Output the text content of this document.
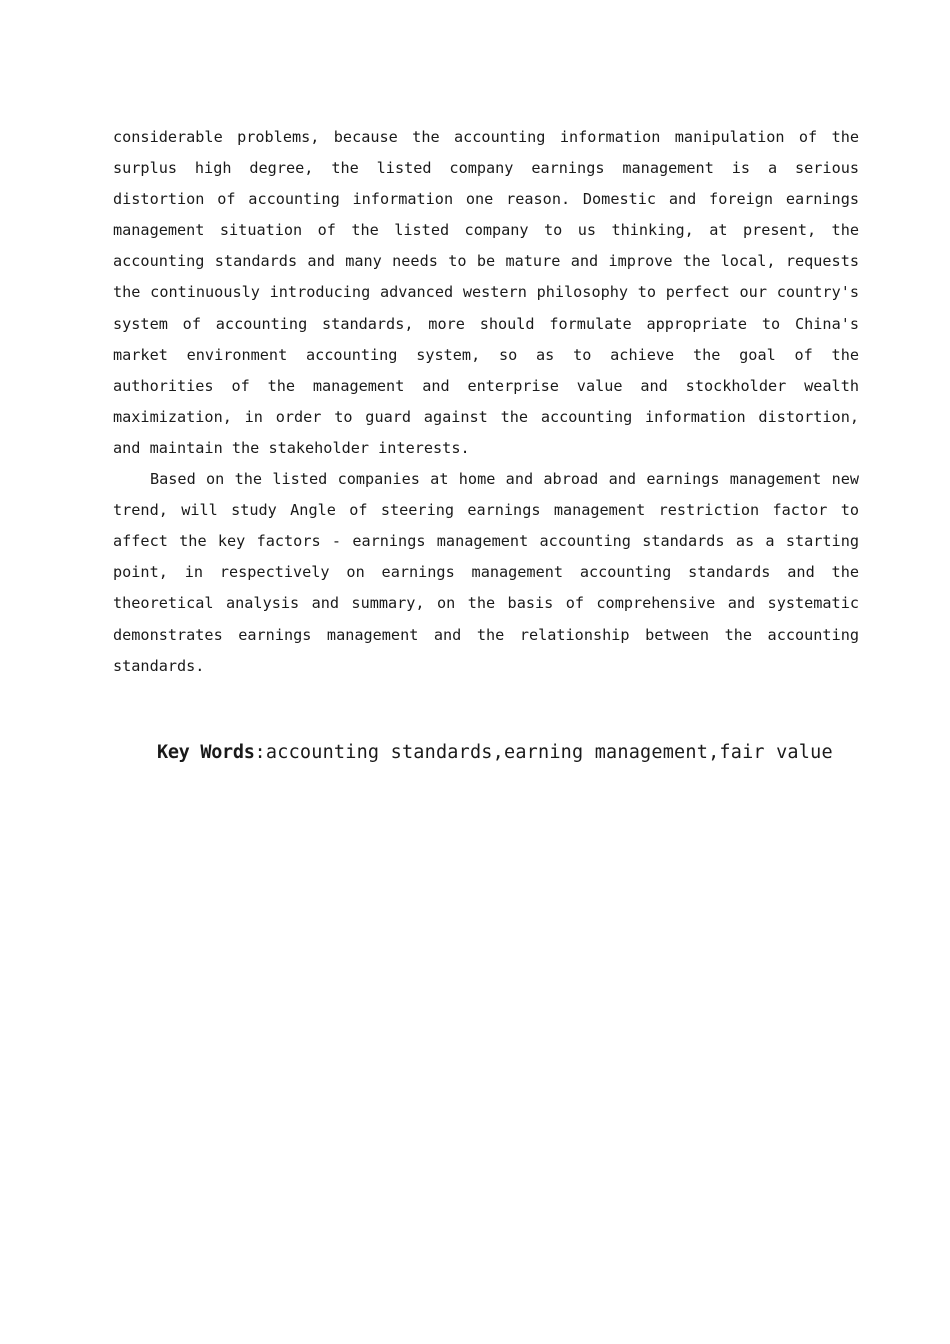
considerable problems, because the accounting information manipulation of the surplus high degree, the listed company earnings management is a serious distortion of accounting information one reason. Domestic and foreign earnings management situation of the listed company to us thinking, at present, the accounting standards and many needs to be mature and improve the local, requests the continuously introducing advanced western philosophy to perfect our country's system of accounting standards, more should formulate appropriate to China's market environment accounting system, so as to achieve the goal of the authorities of the management and enterprise value and stockholder wealth maximization, in order to guard against the accounting information distortion, and maintain the stakeholder interests.

Based on the listed companies at home and abroad and earnings management new trend, will study Angle of steering earnings management restriction factor to affect the key factors - earnings management accounting standards as a starting point, in respectively on earnings management accounting standards and the theoretical analysis and summary, on the basis of comprehensive and systematic demonstrates earnings management and the relationship between the accounting standards.

Key Words:accounting standards,earning management,fair value
